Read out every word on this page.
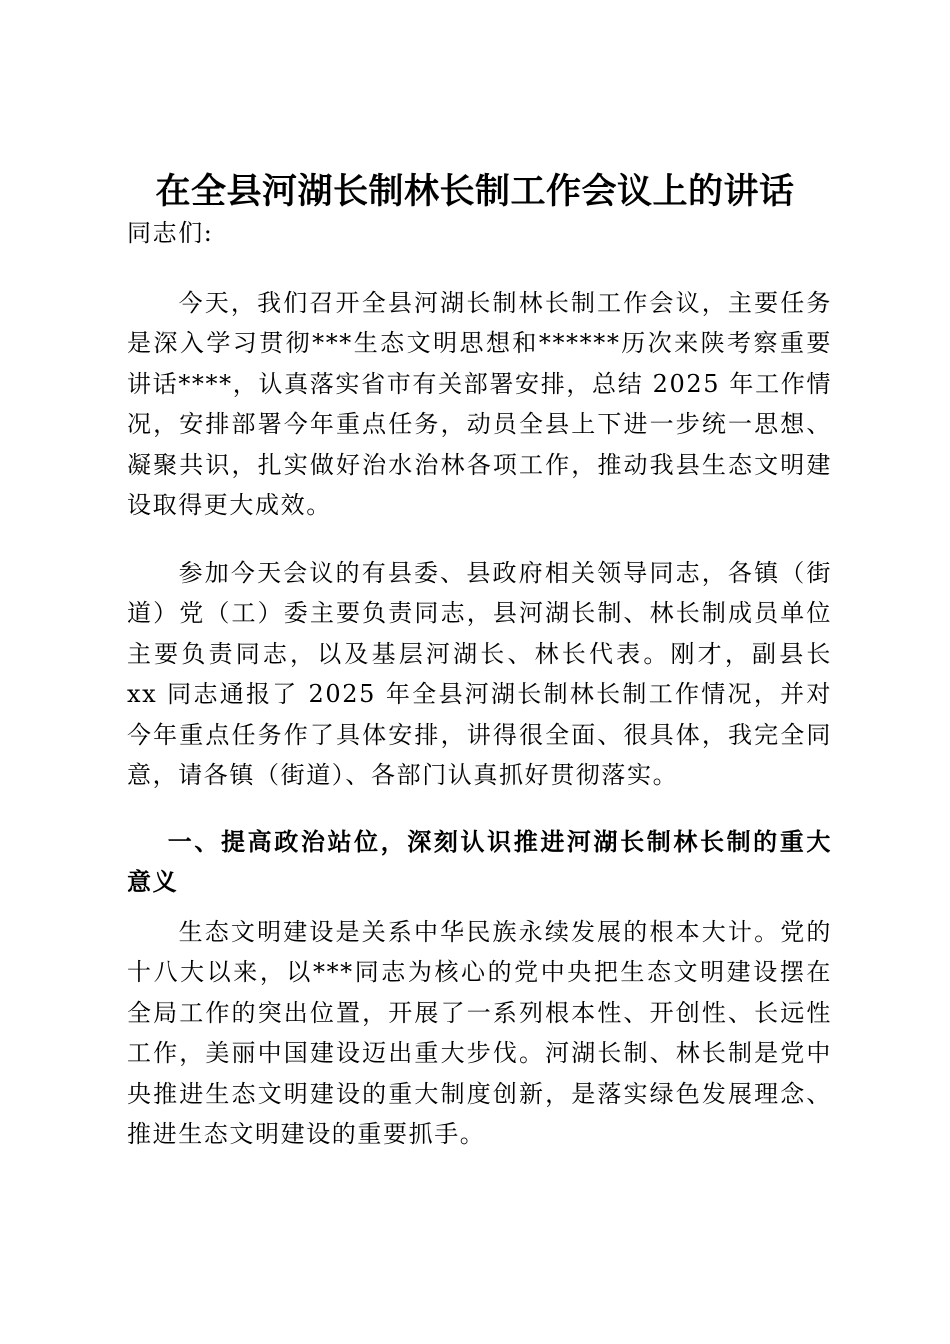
在全县河湖长制林长制工作会议上的讲话

同志们:

今天，我们召开全县河湖长制林长制工作会议，主要任务是深入学习贯彻***生态文明思想和******历次来陕考察重要讲话****，认真落实省市有关部署安排，总结 2025 年工作情况，安排部署今年重点任务，动员全县上下进一步统一思想、凝聚共识，扎实做好治水治林各项工作，推动我县生态文明建设取得更大成效。

参加今天会议的有县委、县政府相关领导同志，各镇（街道）党（工）委主要负责同志，县河湖长制、林长制成员单位主要负责同志，以及基层河湖长、林长代表。刚才，副县长 xx 同志通报了 2025 年全县河湖长制林长制工作情况，并对今年重点任务作了具体安排，讲得很全面、很具体，我完全同意，请各镇（街道）、各部门认真抓好贯彻落实。

一、提高政治站位，深刻认识推进河湖长制林长制的重大意义

生态文明建设是关系中华民族永续发展的根本大计。党的十八大以来，以***同志为核心的党中央把生态文明建设摆在全局工作的突出位置，开展了一系列根本性、开创性、长远性工作，美丽中国建设迈出重大步伐。河湖长制、林长制是党中央推进生态文明建设的重大制度创新，是落实绿色发展理念、推进生态文明建设的重要抓手。
